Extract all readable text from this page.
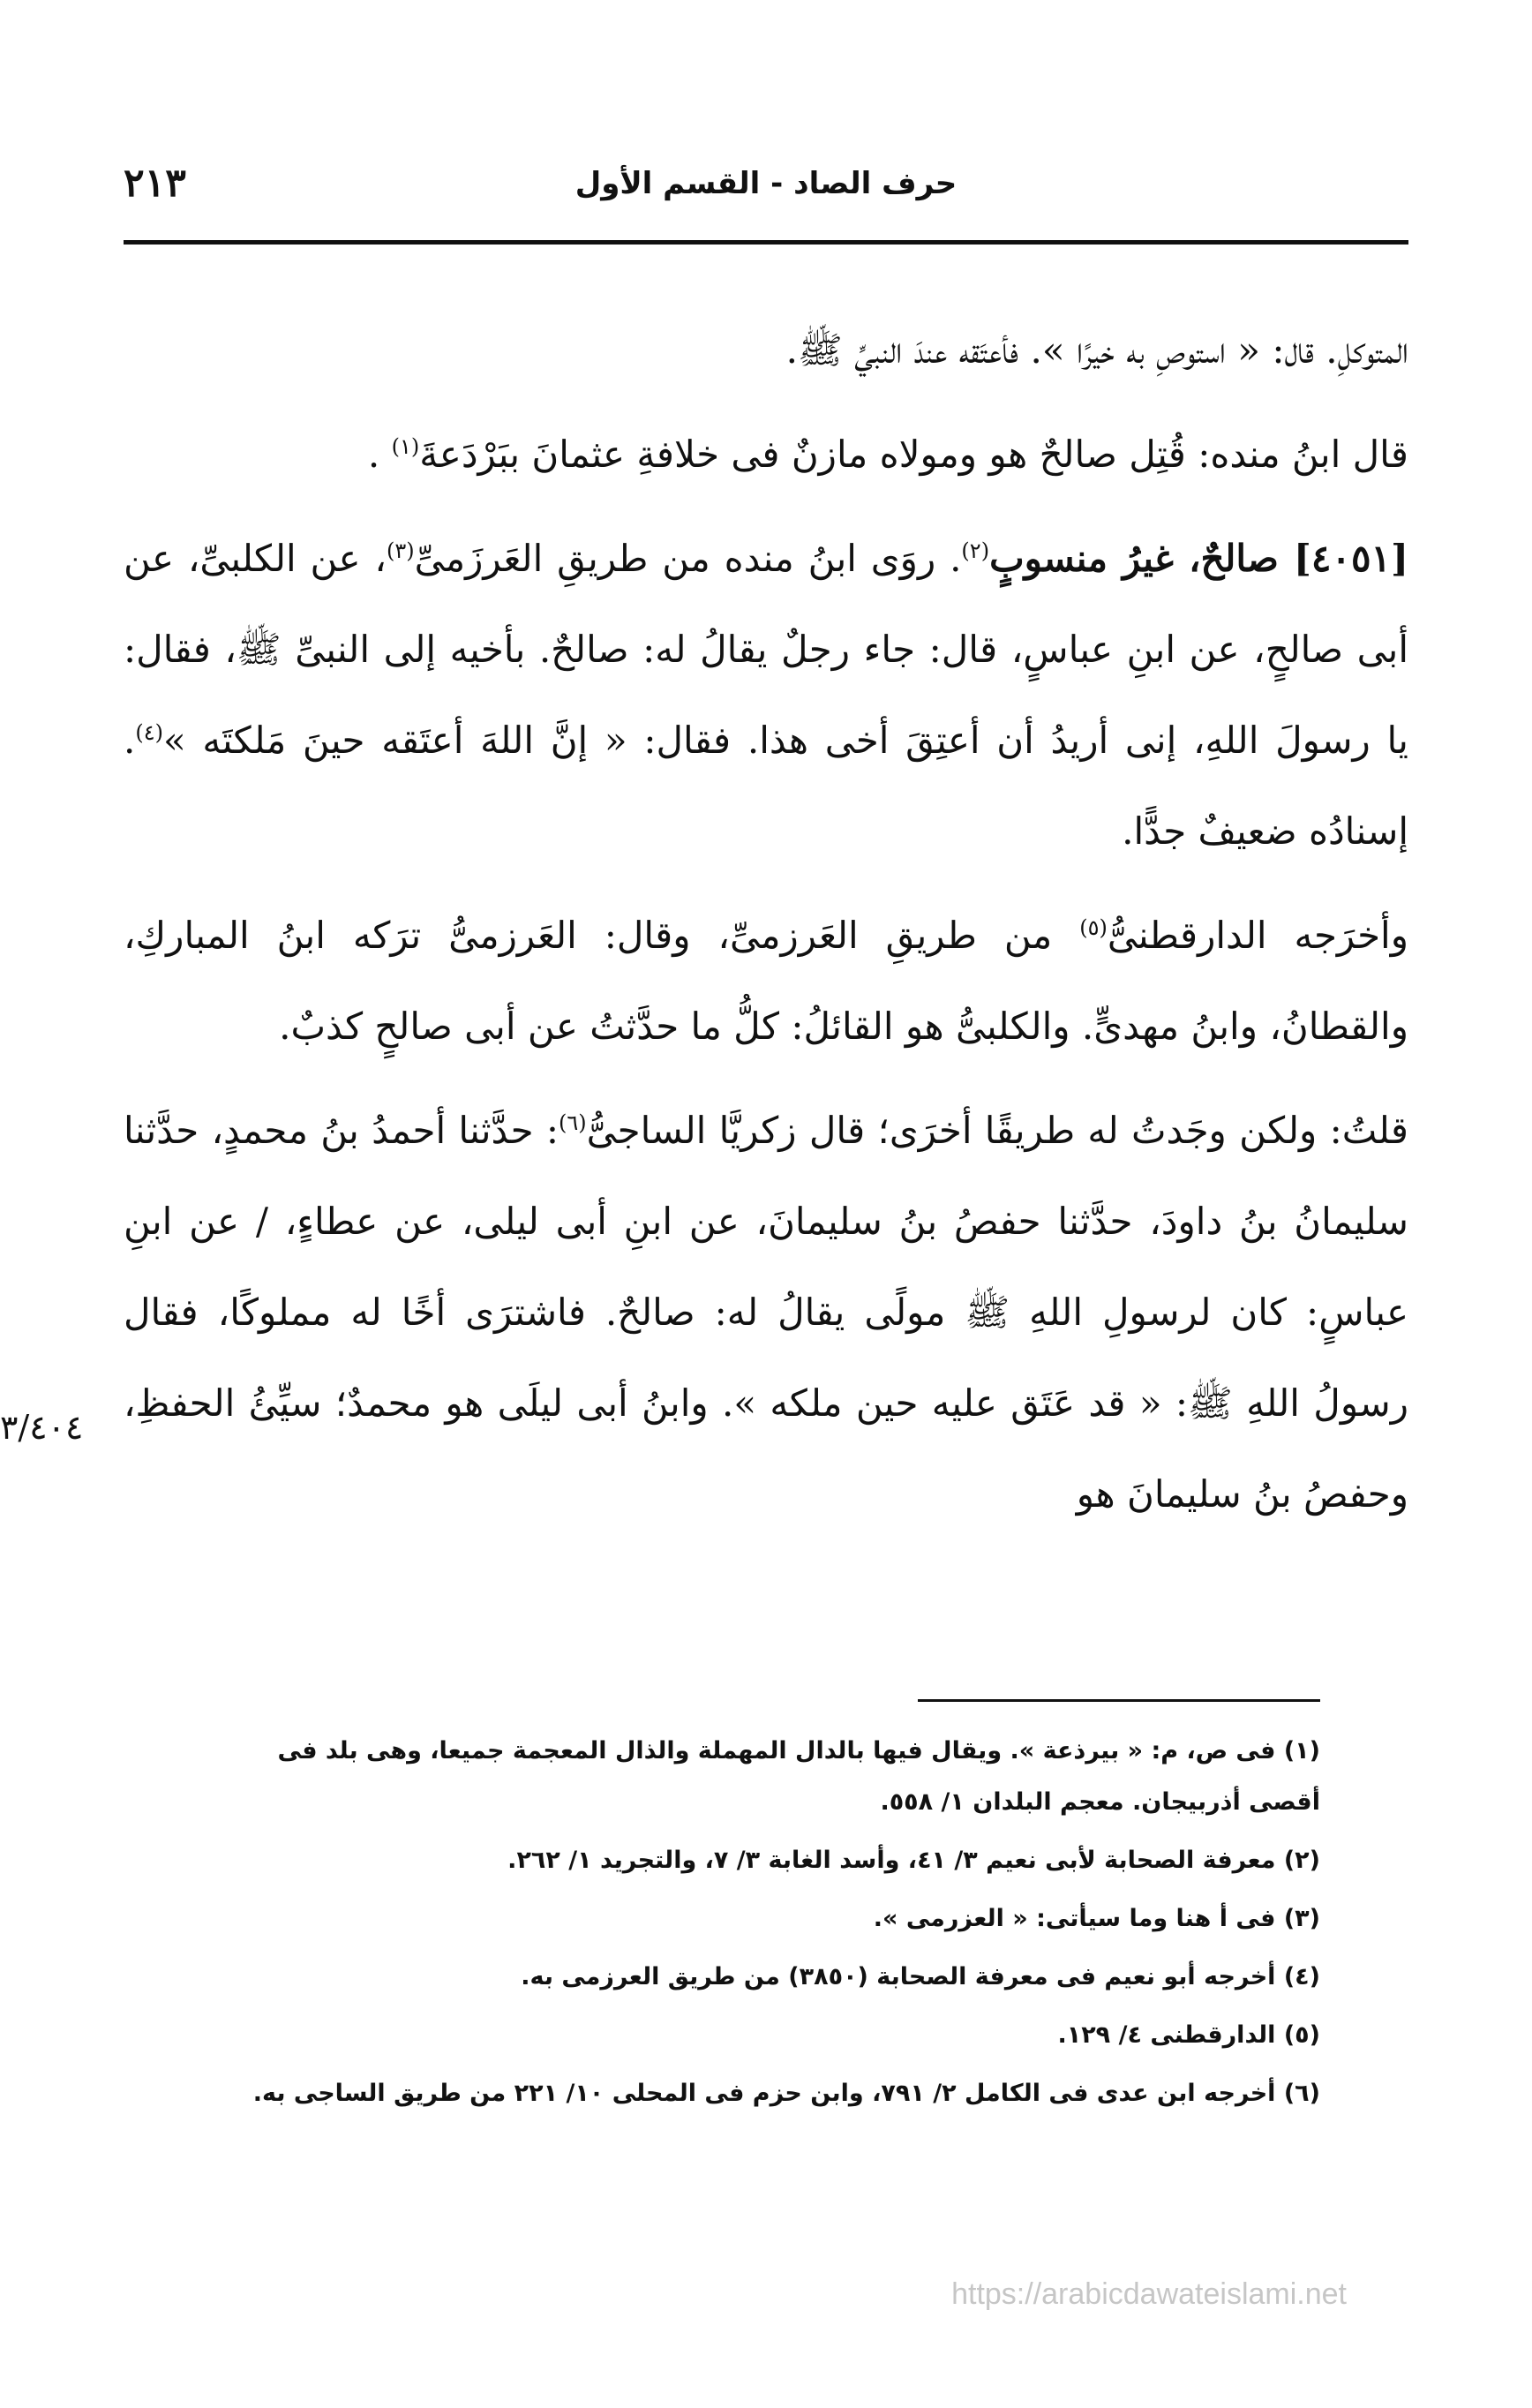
حرف الصاد - القسم الأول
٢١٣

المتوكلِ. قال: « استوصِ به خيرًا ». فأعتَقه عندَ النبيِّ ﷺ.

قال ابنُ منده: قُتِل صالحٌ هو ومولاه مازنٌ فى خلافةِ عثمانَ ببَرْدَعةَ$^{(١)}$ .

[٤٠٥١] صالحٌ، غيرُ منسوبٍ$^{(٢)}$. روَى ابنُ منده من طريقِ العَرزَمىِّ$^{(٣)}$، عن الكلبىِّ، عن أبى صالحٍ، عن ابنِ عباسٍ، قال: جاء رجلٌ يقالُ له: صالحٌ. بأخيه إلى النبىِّ ﷺ، فقال: يا رسولَ اللهِ، إنى أريدُ أن أعتِقَ أخى هذا. فقال: « إنَّ اللهَ أعتَقه حينَ مَلكتَه »$^{(٤)}$. إسنادُه ضعيفٌ جدًّا.

وأخرَجه الدارقطنىُّ$^{(٥)}$ من طريقِ العَرزمىِّ، وقال: العَرزمىُّ ترَكه ابنُ المباركِ، والقطانُ، وابنُ مهدىٍّ. والكلبىُّ هو القائلُ: كلُّ ما حدَّثتُ عن أبى صالحٍ كذبٌ.

قلتُ: ولكن وجَدتُ له طريقًا أخرَى؛ قال زكريَّا الساجىُّ$^{(٦)}$: حدَّثنا أحمدُ بنُ محمدٍ، حدَّثنا سليمانُ بنُ داودَ، حدَّثنا حفصُ بنُ سليمانَ، عن ابنِ أبى ليلى، عن عطاءٍ، / عن ابنِ عباسٍ: كان لرسولِ اللهِ ﷺ مولًى يقالُ له: صالحٌ. فاشترَى أخًا له مملوكًا، فقال رسولُ اللهِ ﷺ: « قد عَتَق عليه حين ملكه ». وابنُ أبى ليلَى هو محمدٌ؛ سيِّئُ الحفظِ، وحفصُ بنُ سليمانَ هو

٣/٤٠٤
(١) فى ص، م: « بيرذعة ». ويقال فيها بالدال المهملة والذال المعجمة جميعا، وهى بلد فى
أقصى أذربيجان. معجم البلدان ١/ ٥٥٨.
(٢) معرفة الصحابة لأبى نعيم ٣/ ٤١، وأسد الغابة ٣/ ٧، والتجريد ١/ ٢٦٢.
(٣) فى أ هنا وما سيأتى: « العزرمى ».
(٤) أخرجه أبو نعيم فى معرفة الصحابة (٣٨٥٠) من طريق العرزمى به.
(٥) الدارقطنى ٤/ ١٢٩.
(٦) أخرجه ابن عدى فى الكامل ٢/ ٧٩١، وابن حزم فى المحلى ١٠/ ٢٢١ من طريق الساجى به.
https://arabicdawateislami.net
